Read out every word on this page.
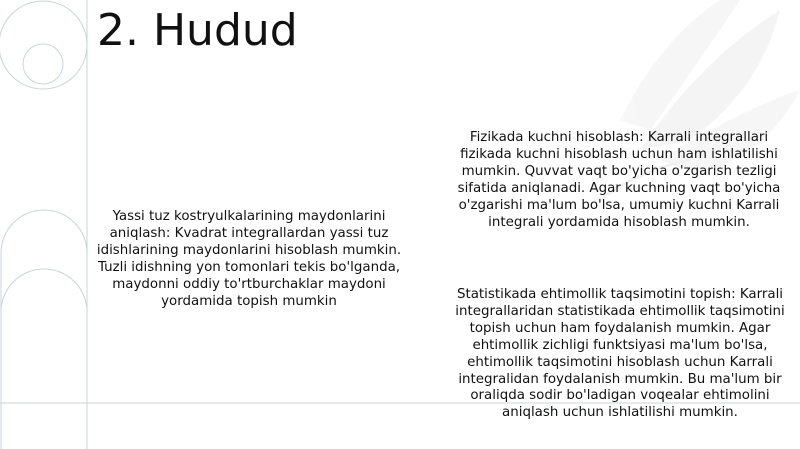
2. Hudud

Yassi tuz kostryulkalarining maydonlarini aniqlash: Kvadrat integrallardan yassi tuz idishlarining maydonlarini hisoblash mumkin. Tuzli idishning yon tomonlari tekis bo'lganda, maydonni oddiy to'rtburchaklar maydoni yordamida topish mumkin

Fizikada kuchni hisoblash: Karrali integrallari fizikada kuchni hisoblash uchun ham ishlatilishi mumkin. Quvvat vaqt bo'yicha o'zgarish tezligi sifatida aniqlanadi. Agar kuchning vaqt bo'yicha o'zgarishi ma'lum bo'lsa, umumiy kuchni Karrali integrali yordamida hisoblash mumkin.

Statistikada ehtimollik taqsimotini topish: Karrali integrallaridan statistikada ehtimollik taqsimotini topish uchun ham foydalanish mumkin. Agar ehtimollik zichligi funktsiyasi ma'lum bo'lsa, ehtimollik taqsimotini hisoblash uchun Karrali integralidan foydalanish mumkin. Bu ma'lum bir oraliqda sodir bo'ladigan voqealar ehtimolini aniqlash uchun ishlatilishi mumkin.
